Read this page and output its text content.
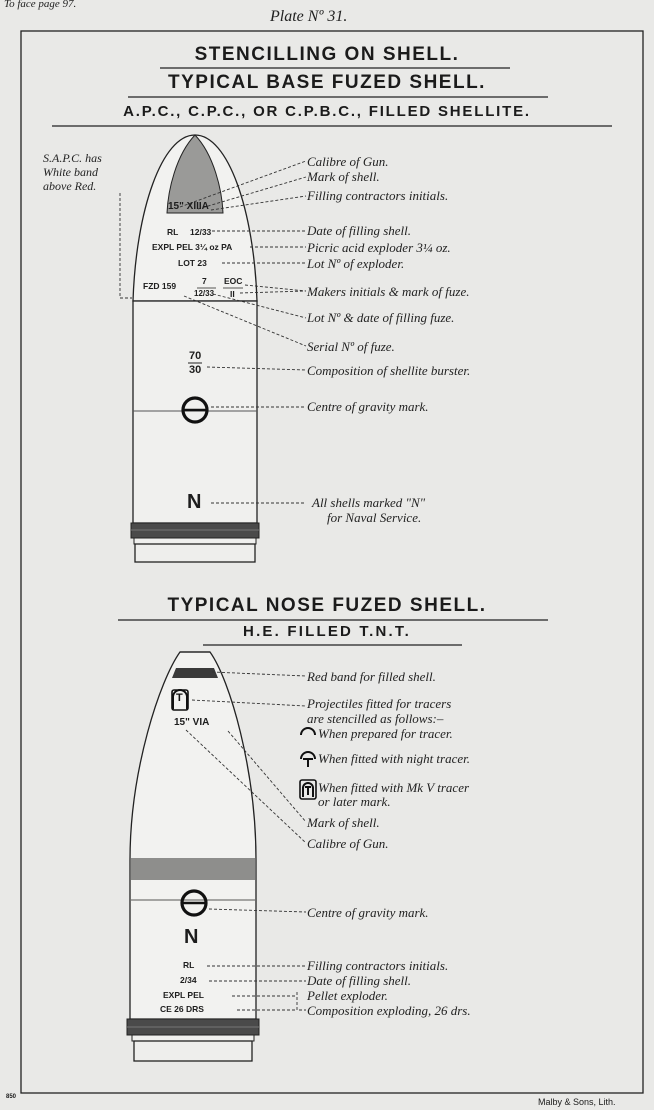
To face page 97.
Plate Nº 31.
STENCILLING ON SHELL.
TYPICAL BASE FUZED SHELL.
A.P.C., C.P.C., OR C.P.B.C., FILLED SHELLITE.
TYPICAL NOSE FUZED SHELL.
H.E. FILLED T.N.T.
S.A.P.C. has
White band
above Red.
15" XIIIA
RL 12/33
EXPL PEL 3¼ oz PA
LOT 23
FZD 159	7
12/33
EOC
II
70
30
N
Calibre of Gun.
Mark of shell.
Filling contractors initials.
Date of filling shell.
Picric acid exploder 3¼ oz.
Lot Nº of exploder.
Makers initials & mark of fuze.
Lot Nº & date of filling fuze.
Serial Nº of fuze.
Composition of shellite burster.
Centre of gravity mark.
All shells marked "N"
for Naval Service.
T
15" VIA
N
RL
2/34
EXPL PEL
CE 26 DRS
Red band for filled shell.
Projectiles fitted for tracers
are stencilled as follows:–
When prepared for tracer.
When fitted with night tracer.
When fitted with Mk V tracer
or later mark.
Mark of shell.
Calibre of Gun.
Centre of gravity mark.
Filling contractors initials.
Date of filling shell.
Pellet exploder.
Composition exploding, 26 drs.
850	Malby & Sons, Lith.
